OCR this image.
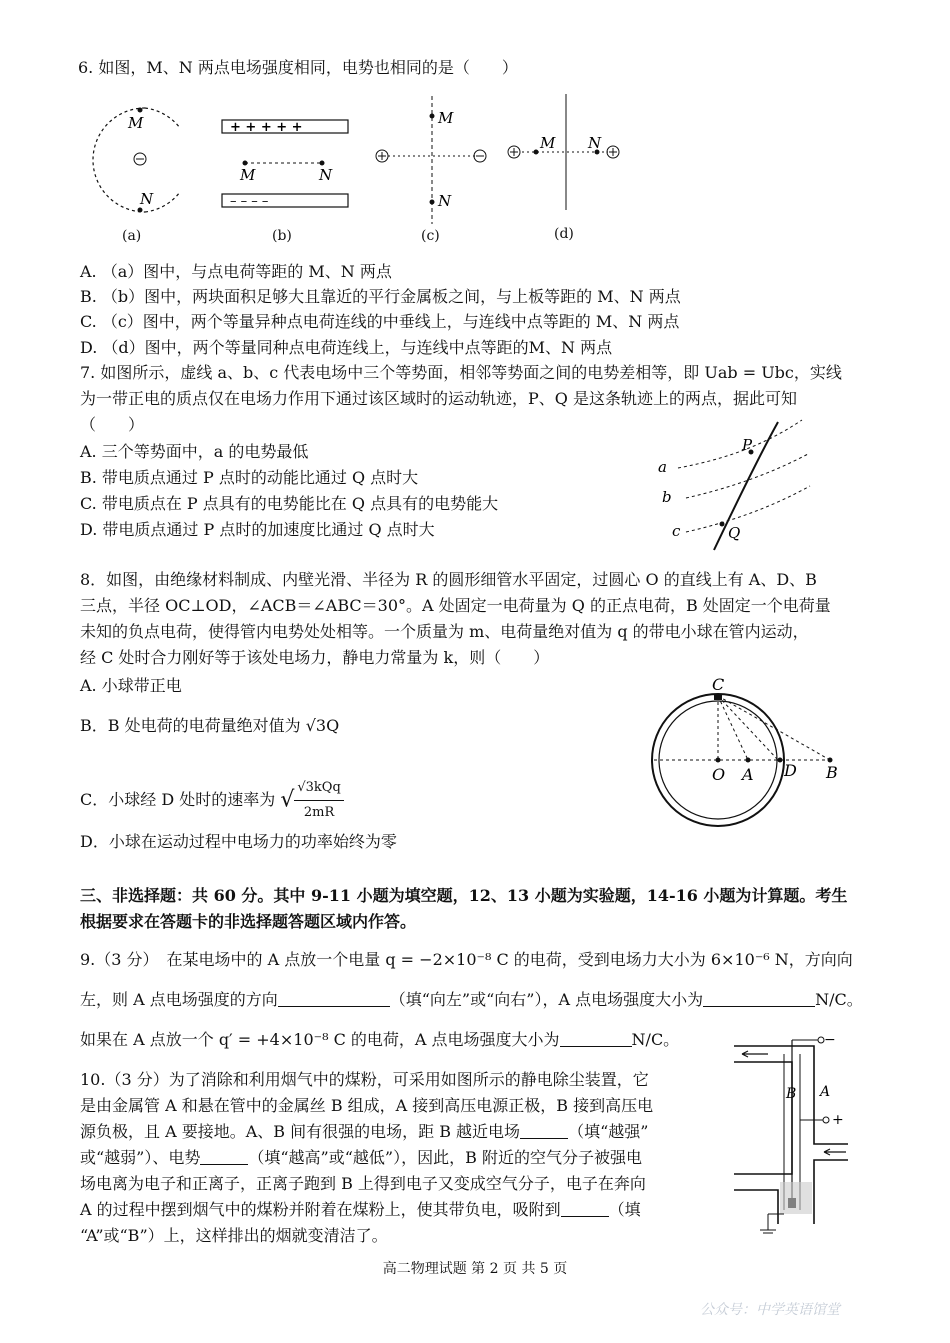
6. 如图，M、N 两点电场强度相同，电势也相同的是（　　）
M
N
+ + + + +
– – – –
M	N
M
N
M N
(a)	(b)	(c)	(d)
A. （a）图中，与点电荷等距的 M、N 两点
B. （b）图中，两块面积足够大且靠近的平行金属板之间，与上板等距的 M、N 两点
C. （c）图中，两个等量异种点电荷连线的中垂线上，与连线中点等距的 M、N 两点
D. （d）图中，两个等量同种点电荷连线上，与连线中点等距的M、N 两点
7. 如图所示，虚线 a、b、c 代表电场中三个等势面，相邻等势面之间的电势差相等，即 Uab = Ubc，实线
为一带正电的质点仅在电场力作用下通过该区域时的运动轨迹，P、Q 是这条轨迹上的两点，据此可知
（　　）
A. 三个等势面中，a 的电势最低
B. 带电质点通过 P 点时的动能比通过 Q 点时大
C. 带电质点在 P 点具有的电势能比在 Q 点具有的电势能大
D. 带电质点通过 P 点时的加速度比通过 Q 点时大
a
b
c
P
Q
8．如图，由绝缘材料制成、内壁光滑、半径为 R 的圆形细管水平固定，过圆心 O 的直线上有 A、D、B
三点，半径 OC⊥OD，∠ACB＝∠ABC＝30°。A 处固定一电荷量为 Q 的正点电荷，B 处固定一个电荷量
未知的负点电荷，使得管内电势处处相等。一个质量为 m、电荷量绝对值为 q 的带电小球在管内运动，
经 C 处时合力刚好等于该处电场力，静电力常量为 k，则（　　）
A. 小球带正电
B．B 处电荷的电荷量绝对值为 √3Q
C．小球经 D 处时的速率为 √ $\frac{\text{√3kQq}}{2mR}$
D．小球在运动过程中电场力的功率始终为零
C
O A D B
三、非选择题：共 60 分。其中 9-11 小题为填空题，12、13 小题为实验题，14-16 小题为计算题。考生
根据要求在答题卡的非选择题答题区域内作答。
9.（3 分）　在某电场中的 A 点放一个电量 q = −2×10⁻⁸ C 的电荷，受到电场力大小为 6×10⁻⁶ N，方向向
左，则 A 点电场强度的方向	（填“向左”或“向右”），A 点电场强度大小为	N/C。
如果在 A 点放一个 q′ = +4×10⁻⁸ C 的电荷，A 点电场强度大小为	N/C。
10.（3 分）为了消除和利用烟气中的煤粉，可采用如图所示的静电除尘装置，它
是由金属管 A 和悬在管中的金属丝 B 组成，A 接到高压电源正极，B 接到高压电
源负极，且 A 要接地。A、B 间有很强的电场，距 B 越近电场	（填“越强”
或“越弱”）、电势	（填“越高”或“越低”），因此，B 附近的空气分子被强电
场电离为电子和正离子，正离子跑到 B 上得到电子又变成空气分子，电子在奔向
A 的过程中摆到烟气中的煤粉并附着在煤粉上，使其带负电，吸附到	（填
“A”或“B”）上，这样排出的烟就变清洁了。
−
+
A
B
高二物理试题 第 2 页 共 5 页
公众号：中学英语馆堂
